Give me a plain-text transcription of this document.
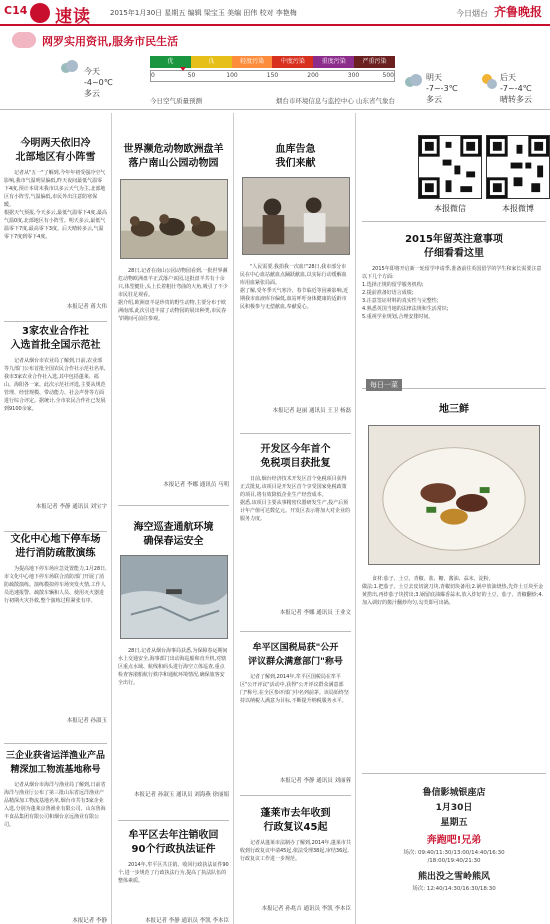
C14 速读	2015年1月30日 星期五 编辑 梁宝玉 美编 田伟 校对 李艳梅	今日烟台 齐鲁晚报
网罗实用资讯,服务市民生活
今天
-4~0℃
多云
优	良	轻度污染	中度污染	重度污染	严重污染
0	50	100	150	200	300	500
今日空气质量预测	烟台市环境信息与监控中心 山东省气象台
明天
-7~-3℃
多云
后天
-7~-4℃
晴转多云
今明两天依旧冷
北部地区有小阵雪
记者从"五一"了解到,今年年初受强冷空气影响,我市气温明显偏低,昨天夜间最低气温零下4度,预计本周末我市以多云天气为主,北部地区有小阵雪,气温偏低,市民外出注意防寒保暖。
根据天气预报,今天多云,最低气温零下4度,最高气温0度,北部地区有小阵雪。明天多云,最低气温零下7度,最高零下3度。后天晴转多云,气温零下7度到零下4度。
本报记者 蒋大伟
3家农业合作社
入选首批全国示范社
记者从烟台市农业局了解到,日前,农业部等九部门公布首批全国农民合作社示范社名单,我市3家农业合作社入选,其中包括蓬莱、福山、海阳各一家。此次示范社评选,主要从规范管理、经营规模、带动能力、社会声誉等方面进行综合评定。据统计,全市农民合作社已发展到9100余家。
本报记者 李静 通讯员 刘宝宇
文化中心地下停车场
进行消防疏散演练
为提高地下停车场应急处置能力,1月28日,市文化中心地下停车场联合消防部门开展了消防疏散演练。演练模拟停车场突发火情,工作人员迅速报警、疏散车辆和人员、使用灭火器进行初期火灾扑救,整个演练过程紧张有序。
本报记者 孙淑玉
三企业获省运洋渔业产品
精深加工物流基地称号
记者从烟台市海洋与渔业局了解到,日前省海洋与渔业厅公布了第三批山东省远洋渔业产品精深加工物流基地名单,烟台市共有3家企业入选,分别为蓬莱京鲁渔业有限公司、山东鲁海丰食品集团有限公司和烟台京远渔业有限公司。
本报记者 李静
世界濒危动物欧洲盘羊
落户南山公园动物园
28日,记者在南山公园动物园看到,一批世界濒危动物欧洲盘羊正式落户该园,这批盘羊共有十余只,体型健壮,头上长着粗壮弯曲的大角,吸引了不少市民驻足观看。
据介绍,欧洲盘羊是珍贵的野生动物,主要分布于欧洲南部,此次引进丰富了动物园的展出种类,市民春节期间可前往参观。
本报记者 李娜 通讯员 马明
海空巡查通航环境
确保春运安全
28日,记者从烟台海事局获悉,为保障春运期间水上交通安全,海事部门出动海巡船和直升机,对辖区重点水域、航线和码头进行海空立体巡查,重点检查客滚船航行秩序和通航环境情况,确保旅客安全出行。
本报记者 孙淑玉 通讯员 刘海燕 徐丽娟
牟平区去年注销收回
90个行政执法证件
2014年,牟平区共注销、收回行政执法证件90个,进一步规范了行政执法行为,提高了执法队伍的整体素质。
本报记者 李静 通讯员 李凯 李本臣
血库告急
我们来献
"人民需要,我捐我一次血!"28日,我市部分市民在中心血站献血点踊跃献血,以实际行动缓解血库用血紧张局面。
据了解,受冬季天气寒冷、春节临近等因素影响,近期我市血液库存偏低,血站呼吁身体健康的适龄市民积极参与无偿献血,奉献爱心。
本报记者 赵丽 通讯员 王卫 杨磊
开发区今年首个
免税项目获批复
日前,烟台经济技术开发区首个免税项目获得正式批复,该项目是开发区首个享受国家免税政策的项目,将有效降低企业生产经营成本。
据悉,该项目主要从事精密仪器研发生产,投产后预计年产值可达数亿元。开发区表示将加大对企业的服务力度。
本报记者 李娜 通讯员 王业文
牟平区国税局获"公开
评议群众满意部门"称号
记者了解到,2014年,牟平区国税局在牟平区"公开评议"活动中,获得"公开评议群众满意部门"称号,在全区参评部门中名列前茅。该局始终坚持以纳税人满意为目标,不断提升纳税服务水平。
本报记者 李静 通讯员 刘丽蓉
蓬莱市去年收到
行政复议45起
记者从蓬莱市法制办了解到,2014年,蓬莱市共收到行政复议申请45起,依法受理38起,审结36起,行政复议工作进一步规范。
本报记者 孙兆吉 通讯员 李凯 李本臣
本报微信	本报微博
2015年留英注意事项
仔细看看这里
2015年即将开启新一轮留学申请季,准备前往英国留学的学生和家长需要注意以下几个方面:
1.选择正规的留学服务机构;
2.提前准备好语言成绩;
3.注意签证材料的真实性与完整性;
4.熟悉英国当地的法律法规和生活常识;
5.重视学业规划,合理安排时间。
每日一菜
地三鲜
食材:茄子、土豆、青椒、盐、糖、酱油、蒜末、淀粉。
做法:1.把茄子、土豆去皮切滚刀块,青椒切块备用;2.锅中放油烧热,先炸土豆块至金黄捞出,再炸茄子块捞出;3.锅留底油爆香蒜末,放入炸好的土豆、茄子、青椒翻炒;4.加入调好的酱汁翻炒均匀,勾芡即可出锅。
鲁信影城银座店
1月30日
星期五
奔跑吧!兄弟
场次: 09:40/11:30/13:00/14:40/16:30
/18:00/19:40/21:30
熊出没之雪岭熊风
场次: 12:40/14:30/16:30/18:30
